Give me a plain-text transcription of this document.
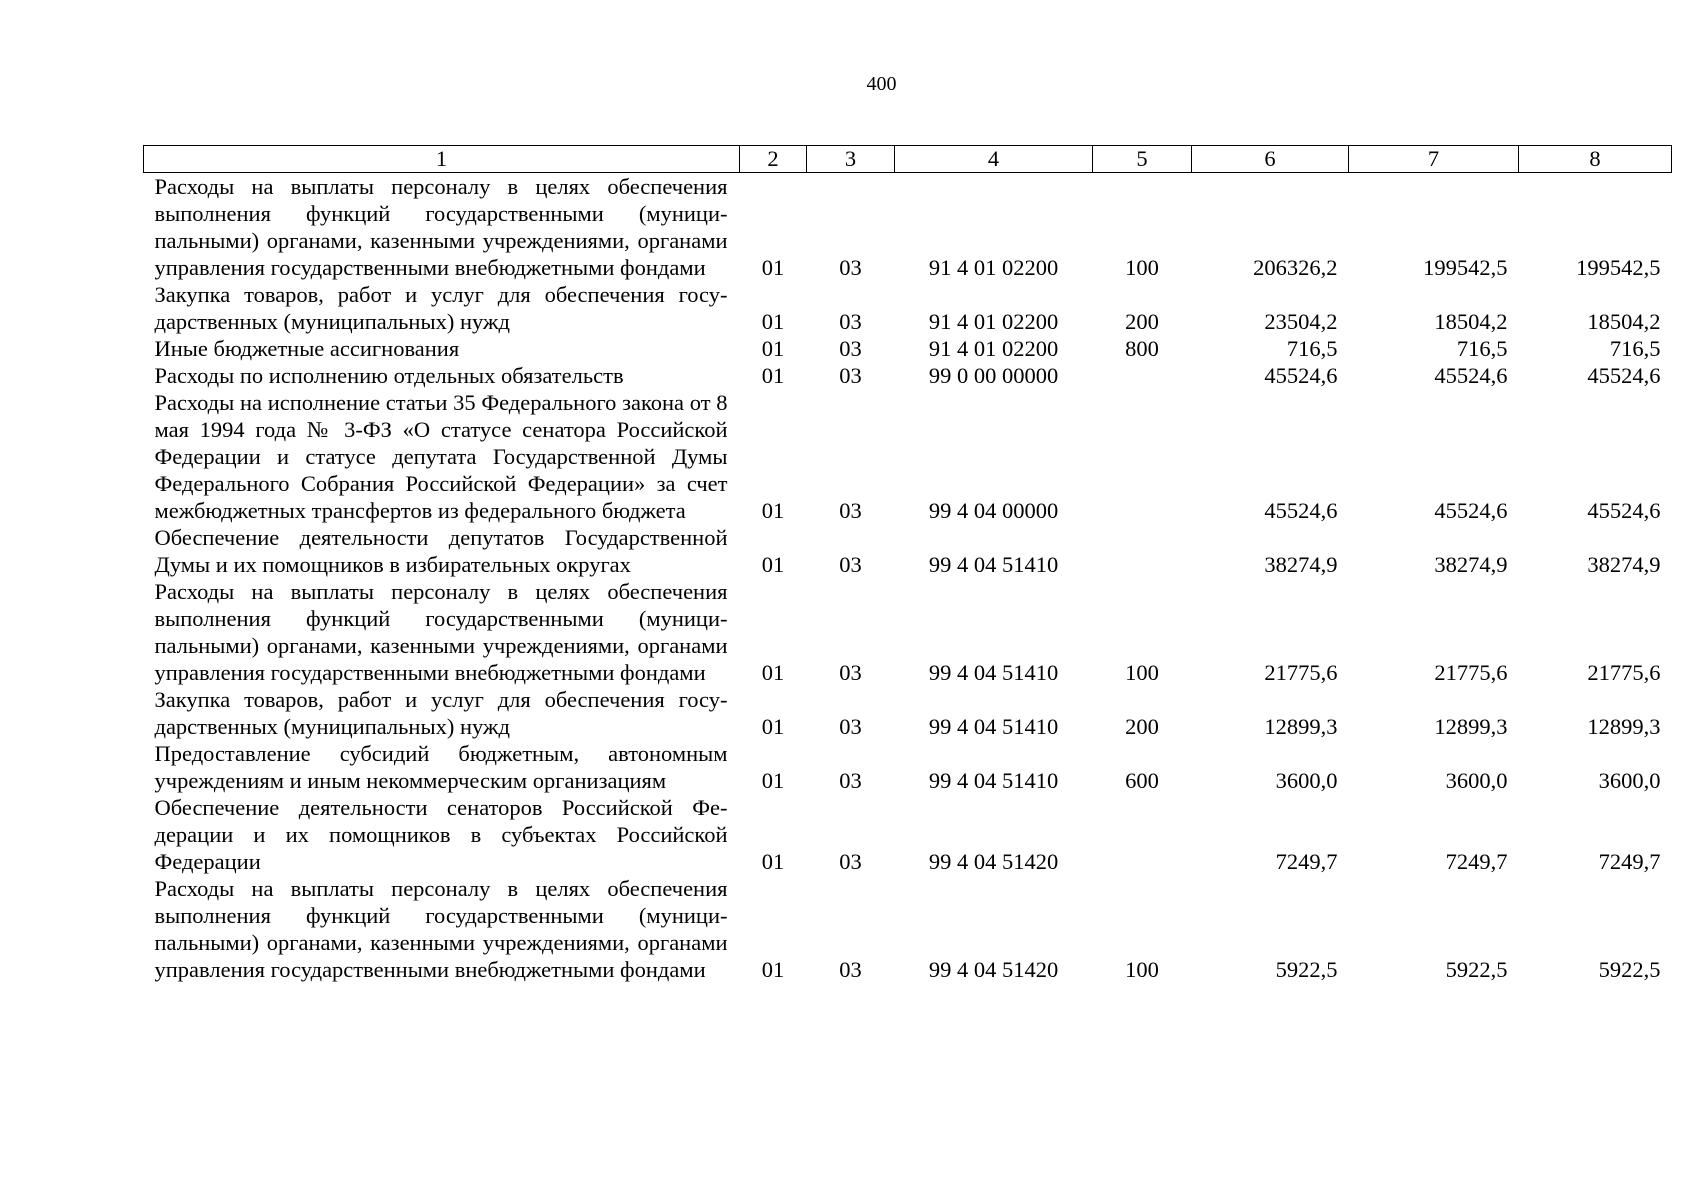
400
1	2	3	4	5	6	7	8
Расходы на выплаты персоналу в целях обеспечения выполнения функций государственными (муниципальными) органами, казенными учреждениями, органами управления государственными внебюджетными фондами	01	03	91 4 01 02200	100	206326,2	199542,5	199542,5
Закупка товаров, работ и услуг для обеспечения государственных (муниципальных) нужд	01	03	91 4 01 02200	200	23504,2	18504,2	18504,2
Иные бюджетные ассигнования	01	03	91 4 01 02200	800	716,5	716,5	716,5
Расходы по исполнению отдельных обязательств	01	03	99 0 00 00000		45524,6	45524,6	45524,6
Расходы на исполнение статьи 35 Федерального закона от 8 мая 1994 года № 3-ФЗ «О статусе сенатора Российской Федерации и статусе депутата Государственной Думы Федерального Собрания Российской Федерации» за счет межбюджетных трансфертов из федерального бюджета	01	03	99 4 04 00000		45524,6	45524,6	45524,6
Обеспечение деятельности депутатов Государственной Думы и их помощников в избирательных округах	01	03	99 4 04 51410		38274,9	38274,9	38274,9
Расходы на выплаты персоналу в целях обеспечения выполнения функций государственными (муниципальными) органами, казенными учреждениями, органами управления государственными внебюджетными фондами	01	03	99 4 04 51410	100	21775,6	21775,6	21775,6
Закупка товаров, работ и услуг для обеспечения государственных (муниципальных) нужд	01	03	99 4 04 51410	200	12899,3	12899,3	12899,3
Предоставление субсидий бюджетным, автономным учреждениям и иным некоммерческим организациям	01	03	99 4 04 51410	600	3600,0	3600,0	3600,0
Обеспечение деятельности сенаторов Российской Федерации и их помощников в субъектах Российской Федерации	01	03	99 4 04 51420		7249,7	7249,7	7249,7
Расходы на выплаты персоналу в целях обеспечения выполнения функций государственными (муниципальными) органами, казенными учреждениями, органами управления государственными внебюджетными фондами	01	03	99 4 04 51420	100	5922,5	5922,5	5922,5
